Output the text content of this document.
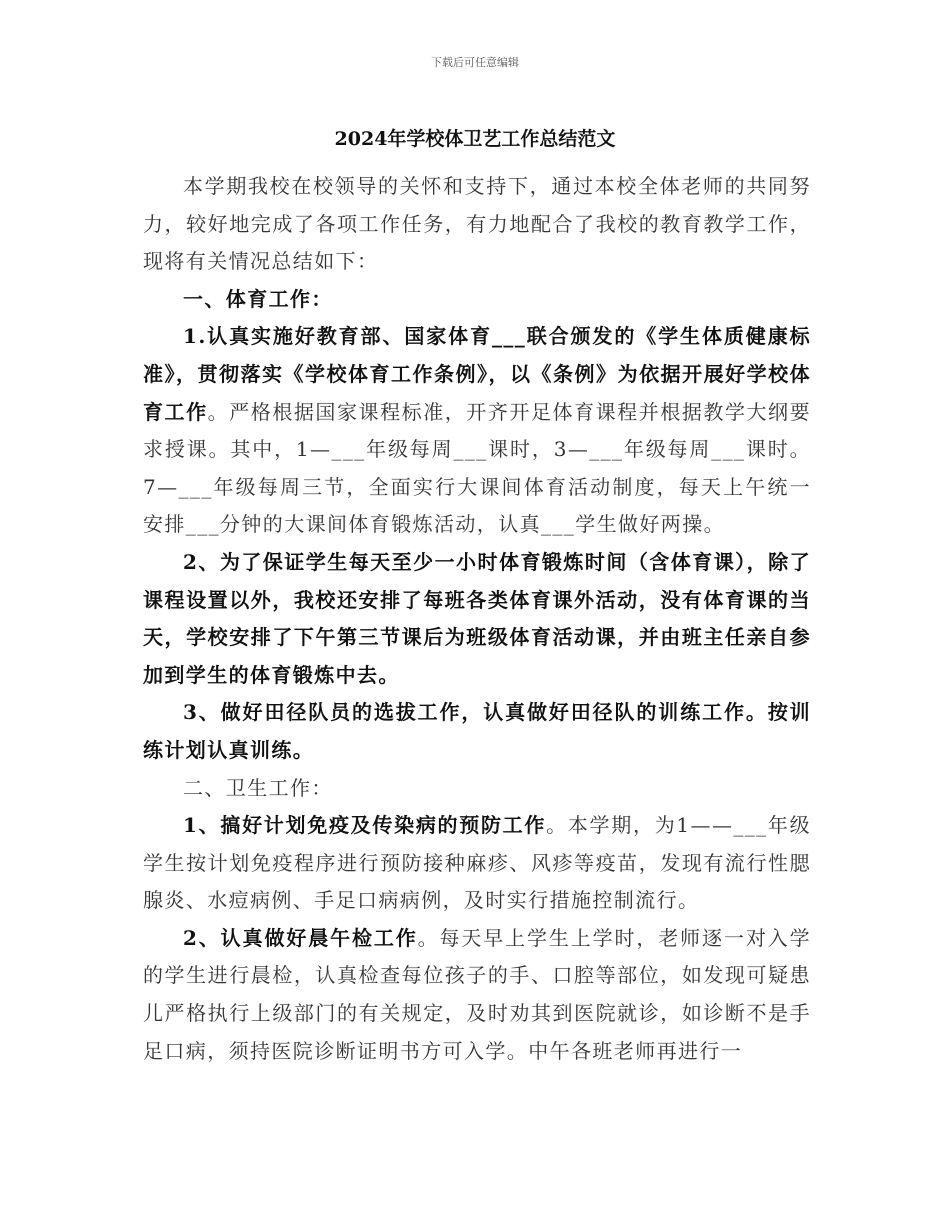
下载后可任意编辑
2024年学校体卫艺工作总结范文

本学期我校在校领导的关怀和支持下，通过本校全体老师的共同努力，较好地完成了各项工作任务，有力地配合了我校的教育教学工作，现将有关情况总结如下：

一、体育工作：

1.认真实施好教育部、国家体育___联合颁发的《学生体质健康标准》，贯彻落实《学校体育工作条例》，以《条例》为依据开展好学校体育工作。严格根据国家课程标准，开齐开足体育课程并根据教学大纲要求授课。其中，1—___年级每周___课时，3—___年级每周___课时。7—___年级每周三节，全面实行大课间体育活动制度，每天上午统一安排___分钟的大课间体育锻炼活动，认真___学生做好两操。

2、为了保证学生每天至少一小时体育锻炼时间（含体育课），除了课程设置以外，我校还安排了每班各类体育课外活动，没有体育课的当天，学校安排了下午第三节课后为班级体育活动课，并由班主任亲自参加到学生的体育锻炼中去。

3、做好田径队员的选拔工作，认真做好田径队的训练工作。按训练计划认真训练。

二、卫生工作：

1、搞好计划免疫及传染病的预防工作。本学期，为1——___年级学生按计划免疫程序进行预防接种麻疹、风疹等疫苗，发现有流行性腮腺炎、水痘病例、手足口病病例，及时实行措施控制流行。

2、认真做好晨午检工作。每天早上学生上学时，老师逐一对入学的学生进行晨检，认真检查每位孩子的手、口腔等部位，如发现可疑患儿严格执行上级部门的有关规定，及时劝其到医院就诊，如诊断不是手足口病，须持医院诊断证明书方可入学。中午各班老师再进行一
